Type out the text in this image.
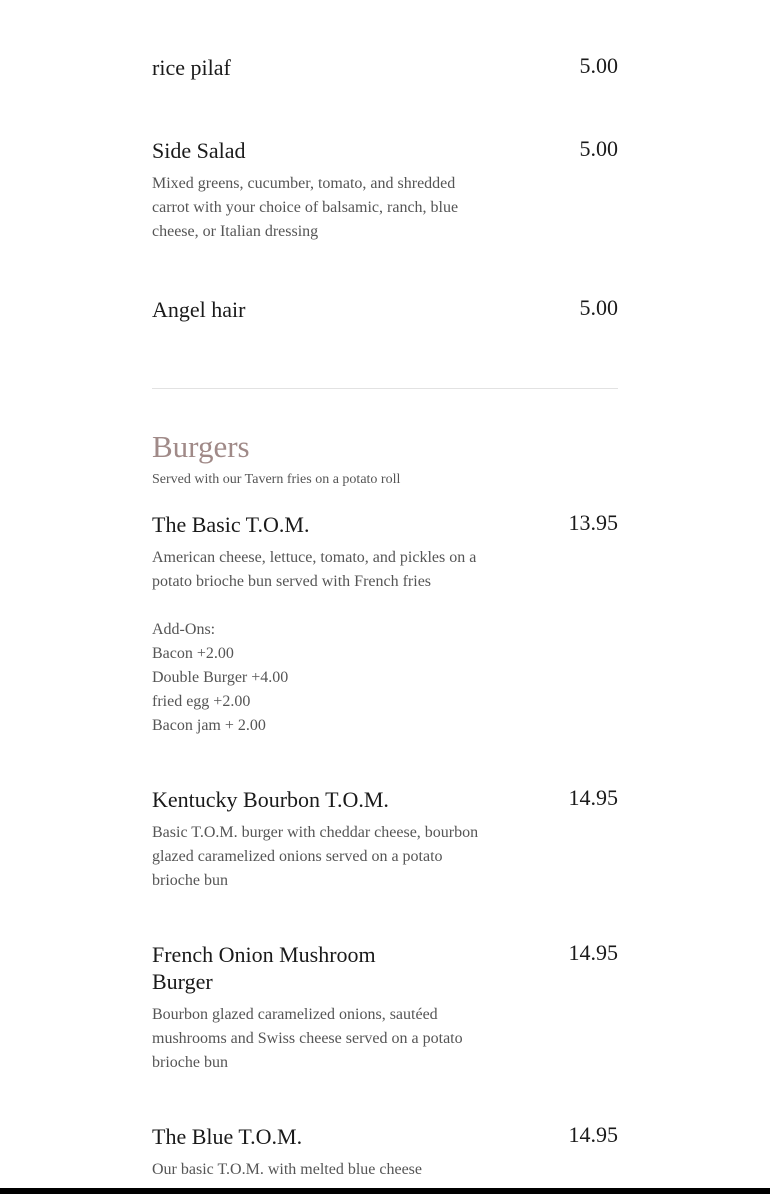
rice pilaf	5.00
Side Salad	5.00
Mixed greens, cucumber, tomato, and shredded carrot with your choice of balsamic, ranch, blue cheese, or Italian dressing
Angel hair	5.00
Burgers
Served with our Tavern fries on a potato roll
The Basic T.O.M.	13.95
American cheese, lettuce, tomato, and pickles on a potato brioche bun served with French fries
Add-Ons:
Bacon +2.00
Double Burger +4.00
fried egg +2.00
Bacon jam + 2.00
Kentucky Bourbon T.O.M.	14.95
Basic T.O.M. burger with cheddar cheese, bourbon glazed caramelized onions served on a potato brioche bun
French Onion Mushroom Burger
14.95
Bourbon glazed caramelized onions, sautéed mushrooms and Swiss cheese served on a potato brioche bun
The Blue T.O.M.	14.95
Our basic T.O.M. with melted blue cheese
